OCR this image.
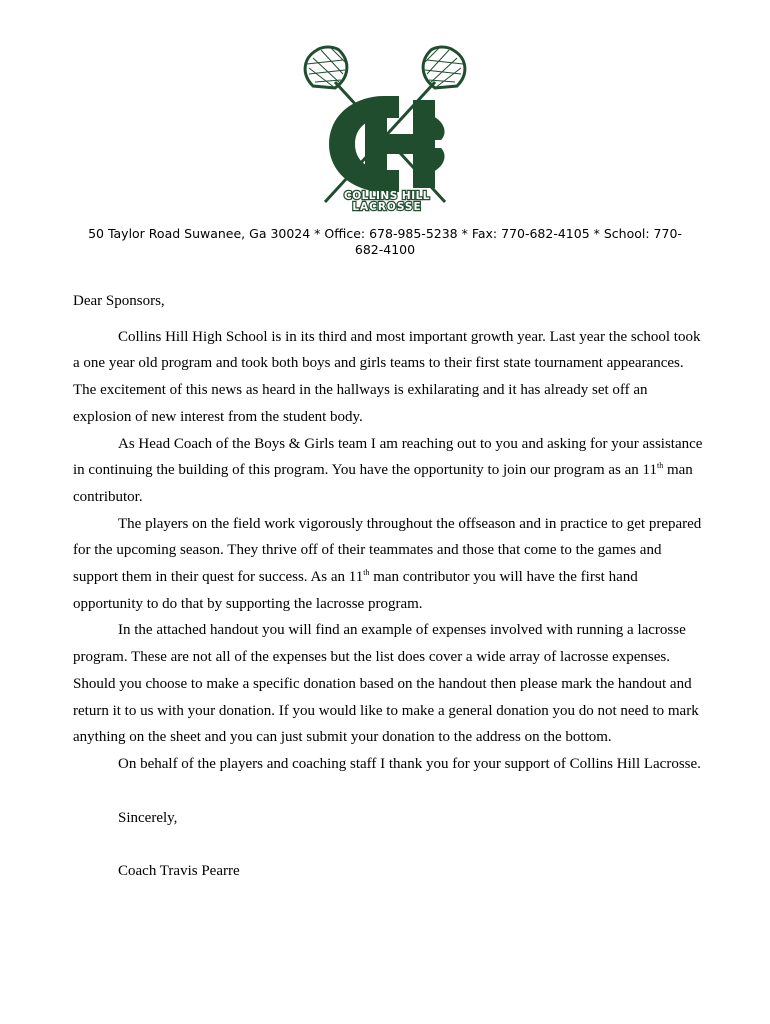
COLLINS HILL
LACROSSE
50 Taylor Road Suwanee, Ga 30024 * Office: 678-985-5238 * Fax: 770-682-4105 * School: 770-682-4100

Dear Sponsors,

Collins Hill High School is in its third and most important growth year. Last year the school took a one year old program and took both boys and girls teams to their first state tournament appearances. The excitement of this news as heard in the hallways is exhilarating and it has already set off an explosion of new interest from the student body.

As Head Coach of the Boys & Girls team I am reaching out to you and asking for your assistance in continuing the building of this program. You have the opportunity to join our program as an 11th man contributor.

The players on the field work vigorously throughout the offseason and in practice to get prepared for the upcoming season. They thrive off of their teammates and those that come to the games and support them in their quest for success. As an 11th man contributor you will have the first hand opportunity to do that by supporting the lacrosse program.

In the attached handout you will find an example of expenses involved with running a lacrosse program. These are not all of the expenses but the list does cover a wide array of lacrosse expenses. Should you choose to make a specific donation based on the handout then please mark the handout and return it to us with your donation. If you would like to make a general donation you do not need to mark anything on the sheet and you can just submit your donation to the address on the bottom.

On behalf of the players and coaching staff I thank you for your support of Collins Hill Lacrosse.

Sincerely,

Coach Travis Pearre
